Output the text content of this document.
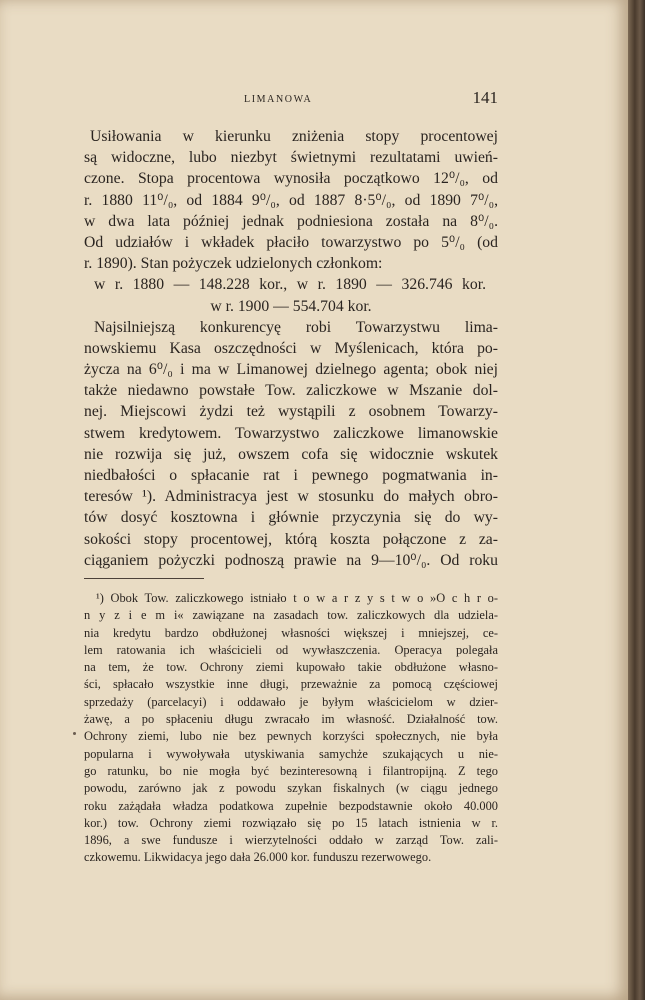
LIMANOWA	141
Usiłowania w kierunku zniżenia stopy procentowej
są widoczne, lubo niezbyt świetnymi rezultatami uwień-
czone. Stopa procentowa wynosiła początkowo 12⁰/₀, od
r. 1880 11⁰/₀, od 1884 9⁰/₀, od 1887 8·5⁰/₀, od 1890 7⁰/₀,
w dwa lata później jednak podniesiona została na 8⁰/₀.
Od udziałów i wkładek płaciło towarzystwo po 5⁰/₀ (od
r. 1890). Stan pożyczek udzielonych członkom:
w r. 1880 — 148.228 kor., w r. 1890 — 326.746 kor.
w r. 1900 — 554.704 kor.
Najsilniejszą konkurencyę robi Towarzystwu lima-
nowskiemu Kasa oszczędności w Myślenicach, która po-
życza na 6⁰/₀ i ma w Limanowej dzielnego agenta; obok niej
także niedawno powstałe Tow. zaliczkowe w Mszanie dol-
nej. Miejscowi żydzi też wystąpili z osobnem Towarzy-
stwem kredytowem. Towarzystwo zaliczkowe limanowskie
nie rozwija się już, owszem cofa się widocznie wskutek
niedbałości o spłacanie rat i pewnego pogmatwania in-
teresów ¹). Administracya jest w stosunku do małych obro-
tów dosyć kosztowna i głównie przyczynia się do wy-
sokości stopy procentowej, którą koszta połączone z za-
ciąganiem pożyczki podnoszą prawie na 9—10⁰/₀. Od roku
¹) Obok Tow. zaliczkowego istniało t o w a r z y s t w o »O c h r o-
n y z i e m i« zawiązane na zasadach tow. zaliczkowych dla udziela-
nia kredytu bardzo obdłużonej własności większej i mniejszej, ce-
lem ratowania ich właścicieli od wywłaszczenia. Operacya polegała
na tem, że tow. Ochrony ziemi kupowało takie obdłużone własno-
ści, spłacało wszystkie inne długi, przeważnie za pomocą częściowej
sprzedaży (parcelacyi) i oddawało je byłym właścicielom w dzier-
żawę, a po spłaceniu długu zwracało im własność. Działalność tow.
Ochrony ziemi, lubo nie bez pewnych korzyści społecznych, nie była
popularna i wywoływała utyskiwania samychże szukających u nie-
go ratunku, bo nie mogła być bezinteresowną i filantropijną. Z tego
powodu, zarówno jak z powodu szykan fiskalnych (w ciągu jednego
roku zażądała władza podatkowa zupełnie bezpodstawnie około 40.000
kor.) tow. Ochrony ziemi rozwiązało się po 15 latach istnienia w r.
1896, a swe fundusze i wierzytelności oddało w zarząd Tow. zali-
czkowemu. Likwidacya jego dała 26.000 kor. funduszu rezerwowego.
